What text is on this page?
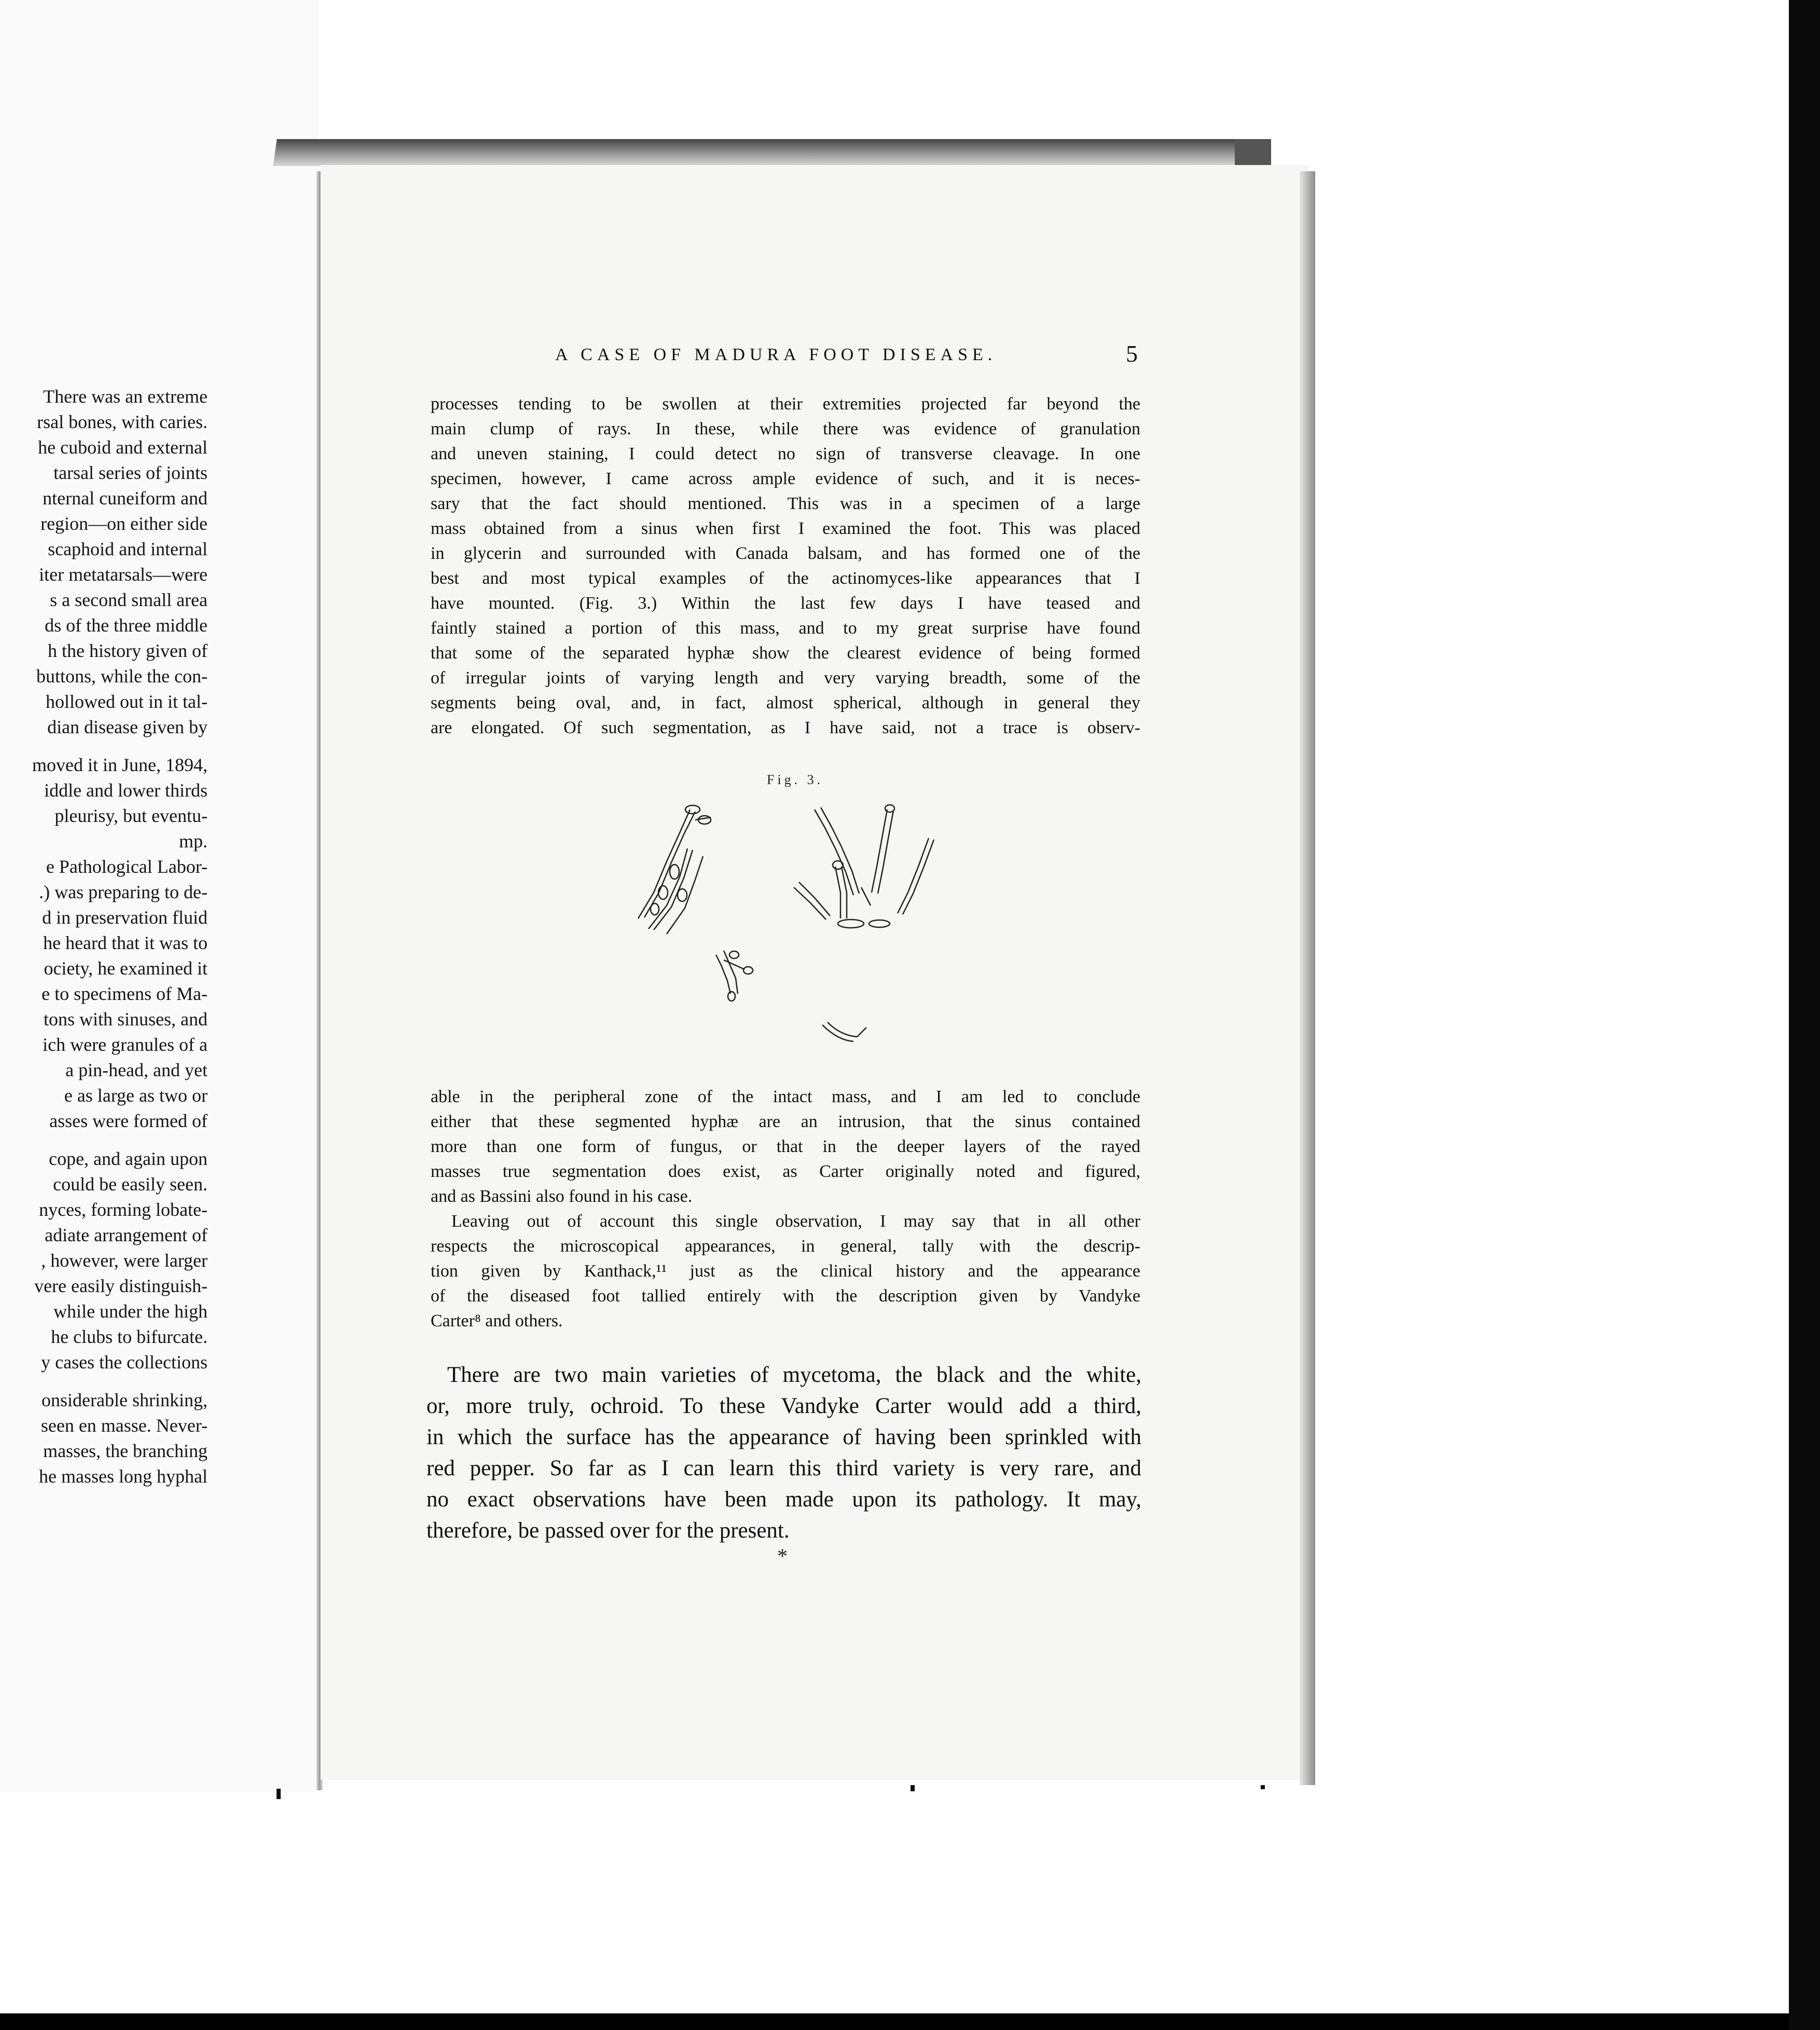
There was an extreme
rsal bones, with caries.
he cuboid and external
tarsal series of joints
nternal cuneiform and
region—on either side
scaphoid and internal
iter metatarsals—were
s a second small area
ds of the three middle
h the history given of
buttons, while the con-
hollowed out in it tal-
dian disease given by
moved it in June, 1894,
iddle and lower thirds
pleurisy, but eventu-
mp.
e Pathological Labor-
.) was preparing to de-
d in preservation fluid
he heard that it was to
ociety, he examined it
e to specimens of Ma-
tons with sinuses, and
ich were granules of a
a pin-head, and yet
e as large as two or
asses were formed of
cope, and again upon
could be easily seen.
nyces, forming lobate-
adiate arrangement of
, however, were larger
vere easily distinguish-
while under the high
he clubs to bifurcate.
y cases the collections
onsiderable shrinking,
seen en masse. Never-
masses, the branching
he masses long hyphal
A CASE OF MADURA FOOT DISEASE.	5
processes tending to be swollen at their extremities projected far beyond the
main clump of rays. In these, while there was evidence of granulation
and uneven staining, I could detect no sign of transverse cleavage. In one
specimen, however, I came across ample evidence of such, and it is neces-
sary that the fact should mentioned. This was in a specimen of a large
mass obtained from a sinus when first I examined the foot. This was placed
in glycerin and surrounded with Canada balsam, and has formed one of the
best and most typical examples of the actinomyces-like appearances that I
have mounted. (Fig. 3.) Within the last few days I have teased and
faintly stained a portion of this mass, and to my great surprise have found
that some of the separated hyphæ show the clearest evidence of being formed
of irregular joints of varying length and very varying breadth, some of the
segments being oval, and, in fact, almost spherical, although in general they
are elongated. Of such segmentation, as I have said, not a trace is observ-
Fig. 3.
able in the peripheral zone of the intact mass, and I am led to conclude
either that these segmented hyphæ are an intrusion, that the sinus contained
more than one form of fungus, or that in the deeper layers of the rayed
masses true segmentation does exist, as Carter originally noted and figured,
and as Bassini also found in his case.
Leaving out of account this single observation, I may say that in all other
respects the microscopical appearances, in general, tally with the descrip-
tion given by Kanthack,¹¹ just as the clinical history and the appearance
of the diseased foot tallied entirely with the description given by Vandyke
Carter⁸ and others.
There are two main varieties of mycetoma, the black and the white,
or, more truly, ochroid. To these Vandyke Carter would add a third,
in which the surface has the appearance of having been sprinkled with
red pepper. So far as I can learn this third variety is very rare, and
no exact observations have been made upon its pathology. It may,
therefore, be passed over for the present.
*
